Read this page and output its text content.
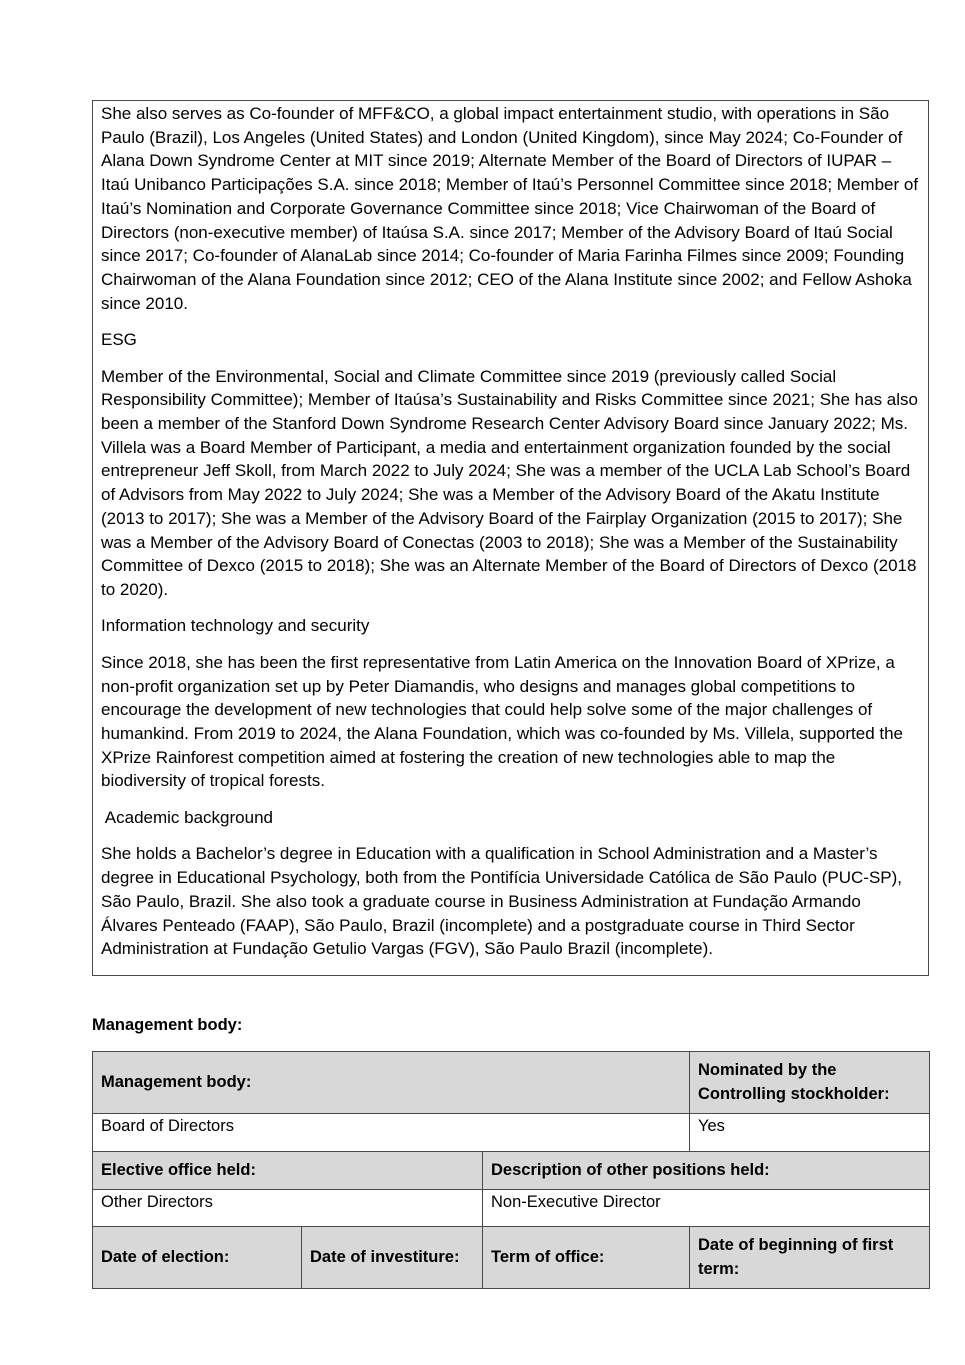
She also serves as Co-founder of MFF&CO, a global impact entertainment studio, with operations in São Paulo (Brazil), Los Angeles (United States) and London (United Kingdom), since May 2024; Co-Founder of Alana Down Syndrome Center at MIT since 2019; Alternate Member of the Board of Directors of IUPAR – Itaú Unibanco Participações S.A. since 2018; Member of Itaú’s Personnel Committee since 2018; Member of Itaú’s Nomination and Corporate Governance Committee since 2018; Vice Chairwoman of the Board of Directors (non-executive member) of Itaúsa S.A. since 2017; Member of the Advisory Board of Itaú Social since 2017; Co-founder of AlanaLab since 2014; Co-founder of Maria Farinha Filmes since 2009; Founding Chairwoman of the Alana Foundation since 2012; CEO of the Alana Institute since 2002; and Fellow Ashoka since 2010.

ESG

Member of the Environmental, Social and Climate Committee since 2019 (previously called Social Responsibility Committee); Member of Itaúsa’s Sustainability and Risks Committee since 2021; She has also been a member of the Stanford Down Syndrome Research Center Advisory Board since January 2022; Ms. Villela was a Board Member of Participant, a media and entertainment organization founded by the social entrepreneur Jeff Skoll, from March 2022 to July 2024; She was a member of the UCLA Lab School’s Board of Advisors from May 2022 to July 2024; She was a Member of the Advisory Board of the Akatu Institute (2013 to 2017); She was a Member of the Advisory Board of the Fairplay Organization (2015 to 2017); She was a Member of the Advisory Board of Conectas (2003 to 2018); She was a Member of the Sustainability Committee of Dexco (2015 to 2018); She was an Alternate Member of the Board of Directors of Dexco (2018 to 2020).

Information technology and security

Since 2018, she has been the first representative from Latin America on the Innovation Board of XPrize, a non-profit organization set up by Peter Diamandis, who designs and manages global competitions to encourage the development of new technologies that could help solve some of the major challenges of humankind. From 2019 to 2024, the Alana Foundation, which was co-founded by Ms. Villela, supported the XPrize Rainforest competition aimed at fostering the creation of new technologies able to map the biodiversity of tropical forests.

Academic background

She holds a Bachelor’s degree in Education with a qualification in School Administration and a Master’s degree in Educational Psychology, both from the Pontifícia Universidade Católica de São Paulo (PUC-SP), São Paulo, Brazil. She also took a graduate course in Business Administration at Fundação Armando Álvares Penteado (FAAP), São Paulo, Brazil (incomplete) and a postgraduate course in Third Sector Administration at Fundação Getulio Vargas (FGV), São Paulo Brazil (incomplete).

Management body:
Management body:			Nominated by the Controlling stockholder:
Board of Directors			Yes
Elective office held:		Description of other positions held:	
Other Directors		Non-Executive Director	
Date of election:	Date of investiture:	Term of office:	Date of beginning of first term:
